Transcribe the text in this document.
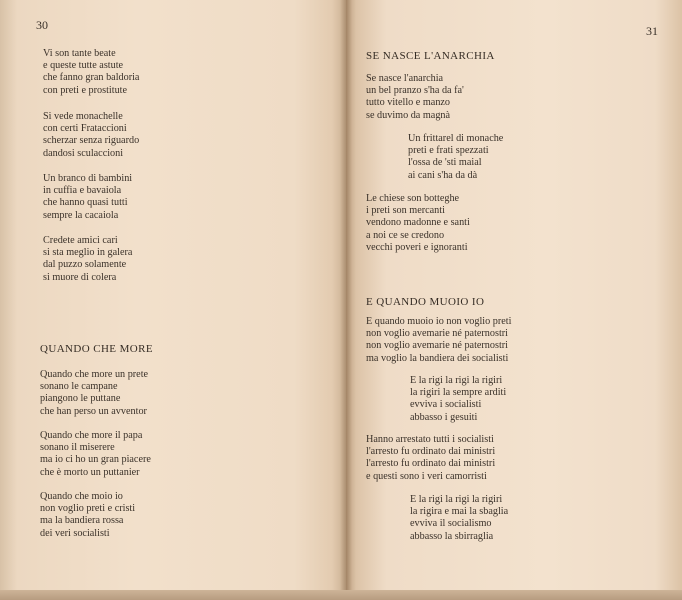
30
Vi son tante beate
e queste tutte astute
che fanno gran baldoria
con preti e prostitute
Si vede monachelle
con certi Frataccioni
scherzar senza riguardo
dandosi sculaccioni
Un branco di bambini
in cuffia e bavaiola
che hanno quasi tutti
sempre la cacaiola
Credete amici cari
si sta meglio in galera
dal puzzo solamente
si muore di colera
QUANDO CHE MORE
Quando che more un prete
sonano le campane
piangono le puttane
che han perso un avventor
Quando che more il papa
sonano il miserere
ma io ci ho un gran piacere
che è morto un puttanier
Quando che moio io
non voglio preti e cristi
ma la bandiera rossa
dei veri socialisti
31
SE NASCE L'ANARCHIA
Se nasce l'anarchia
un bel pranzo s'ha da fa'
tutto vitello e manzo
se duvimo da magnà
Un frittarel di monache
preti e frati spezzati
l'ossa de 'sti maial
ai cani s'ha da dà
Le chiese son botteghe
i preti son mercanti
vendono madonne e santi
a noi ce se credono
vecchi poveri e ignoranti
E QUANDO MUOIO IO
E quando muoio io non voglio preti
non voglio avemarie né paternostri
non voglio avemarie né paternostri
ma voglio la bandiera dei socialisti
E la rigi la rigi la rigiri
la rigiri la sempre arditi
evviva i socialisti
abbasso i gesuiti
Hanno arrestato tutti i socialisti
l'arresto fu ordinato dai ministri
l'arresto fu ordinato dai ministri
e questi sono i veri camorristi
E la rigi la rigi la rigiri
la rigira e mai la sbaglia
evviva il socialismo
abbasso la sbirraglia
